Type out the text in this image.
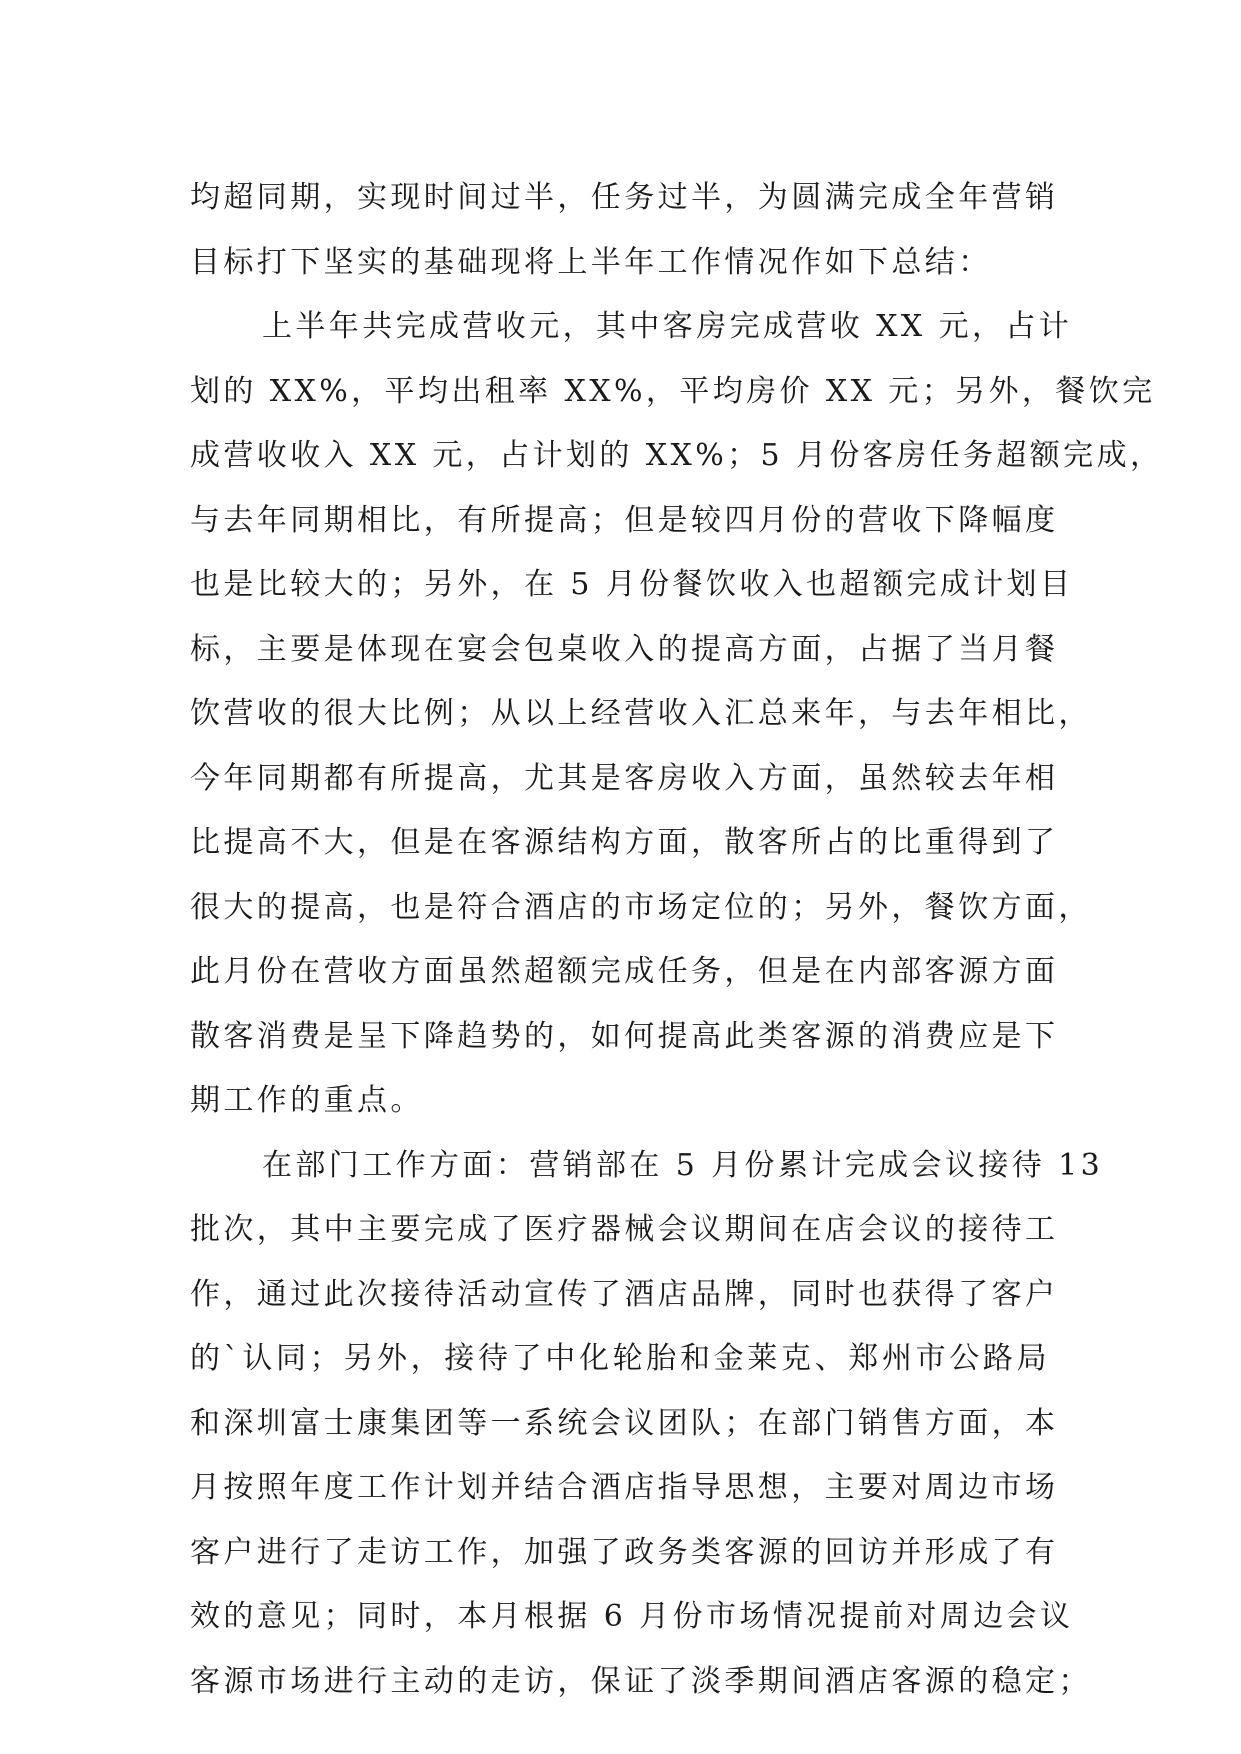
均超同期，实现时间过半，任务过半，为圆满完成全年营销
目标打下坚实的基础现将上半年工作情况作如下总结：
上半年共完成营收元，其中客房完成营收 XX 元，占计
划的 XX%，平均出租率 XX%，平均房价 XX 元；另外，餐饮完
成营收收入 XX 元，占计划的 XX%；5 月份客房任务超额完成，
与去年同期相比，有所提高；但是较四月份的营收下降幅度
也是比较大的；另外，在 5 月份餐饮收入也超额完成计划目
标，主要是体现在宴会包桌收入的提高方面，占据了当月餐
饮营收的很大比例；从以上经营收入汇总来年，与去年相比，
今年同期都有所提高，尤其是客房收入方面，虽然较去年相
比提高不大，但是在客源结构方面，散客所占的比重得到了
很大的提高，也是符合酒店的市场定位的；另外，餐饮方面，
此月份在营收方面虽然超额完成任务，但是在内部客源方面
散客消费是呈下降趋势的，如何提高此类客源的消费应是下
期工作的重点。
在部门工作方面：营销部在 5 月份累计完成会议接待 13
批次，其中主要完成了医疗器械会议期间在店会议的接待工
作，通过此次接待活动宣传了酒店品牌，同时也获得了客户
的`认同；另外，接待了中化轮胎和金莱克、郑州市公路局
和深圳富士康集团等一系统会议团队；在部门销售方面，本
月按照年度工作计划并结合酒店指导思想，主要对周边市场
客户进行了走访工作，加强了政务类客源的回访并形成了有
效的意见；同时，本月根据 6 月份市场情况提前对周边会议
客源市场进行主动的走访，保证了淡季期间酒店客源的稳定；
